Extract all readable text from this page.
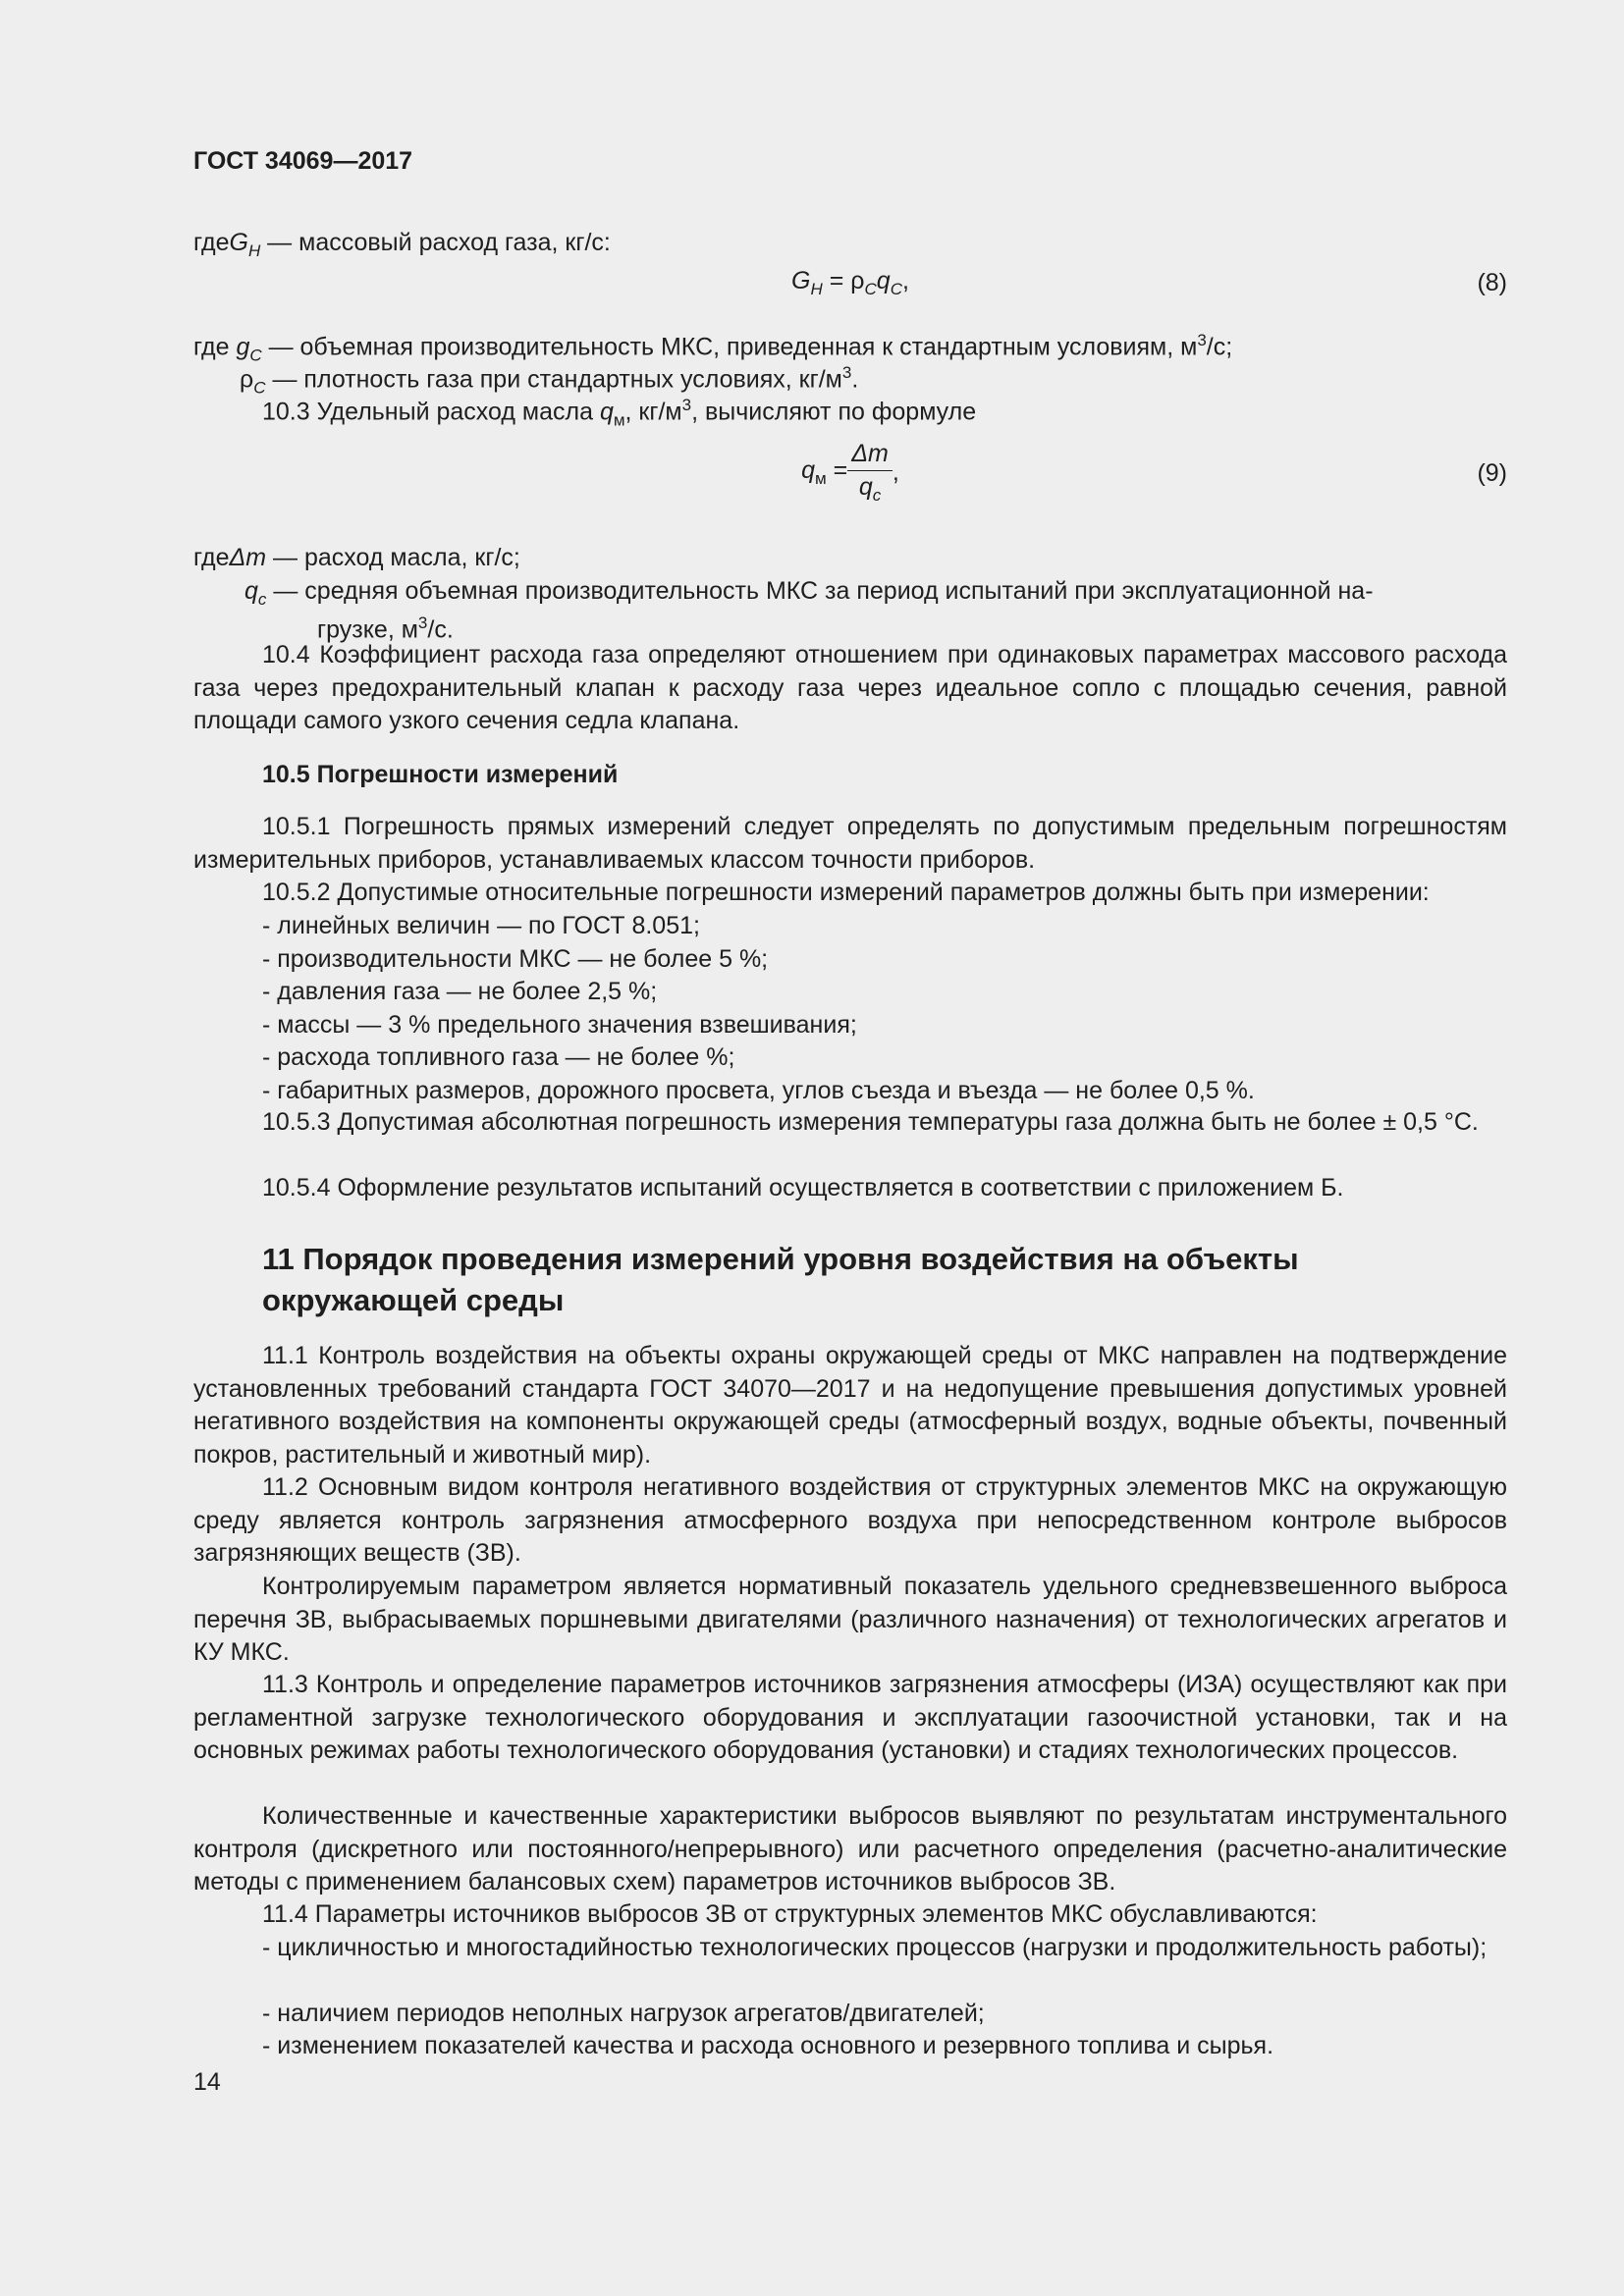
ГОСТ 34069—2017
гдеG$_H$ — массовый расход газа, кг/с:
$G_H = \rho_Cq_C$,	(8)
где $g_C$ — объемная производительность МКС, приведенная к стандартным условиям, $м^3/с$;
$\rho_C$ — плотность газа при стандартных условиях, $кг/м^3$.
10.3 Удельный расход масла $q_м$, $кг/м^3$, вычисляют по формуле
$q_м = \frac{\Delta m}{q_c}$ ,	(9)
гдеΔm — расход масла, кг/с;
$q_c$ — средняя объемная производительность МКС за период испытаний при эксплуатационной на-
грузке, $м^3/с$.
10.4 Коэффициент расхода газа определяют отношением при одинаковых параметрах массового расхода газа через предохранительный клапан к расходу газа через идеальное сопло с площадью сечения, равной площади самого узкого сечения седла клапана.
10.5 Погрешности измерений
10.5.1 Погрешность прямых измерений следует определять по допустимым предельным погрешностям измерительных приборов, устанавливаемых классом точности приборов.
10.5.2 Допустимые относительные погрешности измерений параметров должны быть при измерении:
- линейных величин — по ГОСТ 8.051;
- производительности МКС — не более 5 %;
- давления газа — не более 2,5 %;
- массы — 3 % предельного значения взвешивания;
- расхода топливного газа — не более %;
- габаритных размеров, дорожного просвета, углов съезда и въезда — не более 0,5 %.
10.5.3 Допустимая абсолютная погрешность измерения температуры газа должна быть не более ± 0,5 °С.
10.5.4 Оформление результатов испытаний осуществляется в соответствии с приложением Б.
11 Порядок проведения измерений уровня воздействия на объекты
окружающей среды
11.1 Контроль воздействия на объекты охраны окружающей среды от МКС направлен на подтверждение установленных требований стандарта ГОСТ 34070—2017 и на недопущение превышения допустимых уровней негативного воздействия на компоненты окружающей среды (атмосферный воздух, водные объекты, почвенный покров, растительный и животный мир).
11.2 Основным видом контроля негативного воздействия от структурных элементов МКС на окружающую среду является контроль загрязнения атмосферного воздуха при непосредственном контроле выбросов загрязняющих веществ (ЗВ).
Контролируемым параметром является нормативный показатель удельного средневзвешенного выброса перечня ЗВ, выбрасываемых поршневыми двигателями (различного назначения) от технологических агрегатов и КУ МКС.
11.3 Контроль и определение параметров источников загрязнения атмосферы (ИЗА) осуществляют как при регламентной загрузке технологического оборудования и эксплуатации газоочистной установки, так и на основных режимах работы технологического оборудования (установки) и стадиях технологических процессов.
Количественные и качественные характеристики выбросов выявляют по результатам инструментального контроля (дискретного или постоянного/непрерывного) или расчетного определения (расчетно-аналитические методы с применением балансовых схем) параметров источников выбросов ЗВ.
11.4 Параметры источников выбросов ЗВ от структурных элементов МКС обуславливаются:
- цикличностью и многостадийностью технологических процессов (нагрузки и продолжительность работы);
- наличием периодов неполных нагрузок агрегатов/двигателей;
- изменением показателей качества и расхода основного и резервного топлива и сырья.
14
